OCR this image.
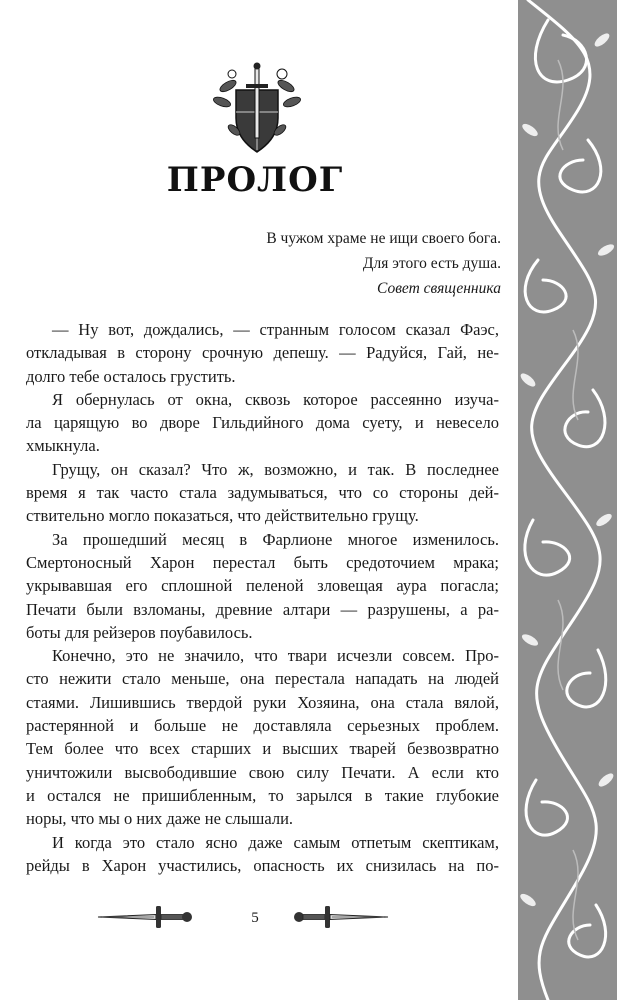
ПРОЛОГ
В чужом храме не ищи своего бога.
Для этого есть душа.
Совет священника
— Ну вот, дождались, — странным голосом сказал Фаэс,
откладывая в сторону срочную депешу. — Радуйся, Гай, не-
долго тебе осталось грустить.
Я обернулась от окна, сквозь которое рассеянно изуча-
ла царящую во дворе Гильдийного дома суету, и невесело
хмыкнула.
Грущу, он сказал? Что ж, возможно, и так. В последнее
время я так часто стала задумываться, что со стороны дей-
ствительно могло показаться, что действительно грущу.
За прошедший месяц в Фарлионе многое изменилось.
Смертоносный Харон перестал быть средоточием мрака;
укрывавшая его сплошной пеленой зловещая аура погасла;
Печати были взломаны, древние алтари — разрушены, а ра-
боты для рейзеров поубавилось.
Конечно, это не значило, что твари исчезли совсем. Про-
сто нежити стало меньше, она перестала нападать на людей
стаями. Лишившись твердой руки Хозяина, она стала вялой,
растерянной и больше не доставляла серьезных проблем.
Тем более что всех старших и высших тварей безвозвратно
уничтожили высвободившие свою силу Печати. А если кто
и остался не пришибленным, то зарылся в такие глубокие
норы, что мы о них даже не слышали.
И когда это стало ясно даже самым отпетым скептикам,
рейды в Харон участились, опасность их снизилась на по-
5
